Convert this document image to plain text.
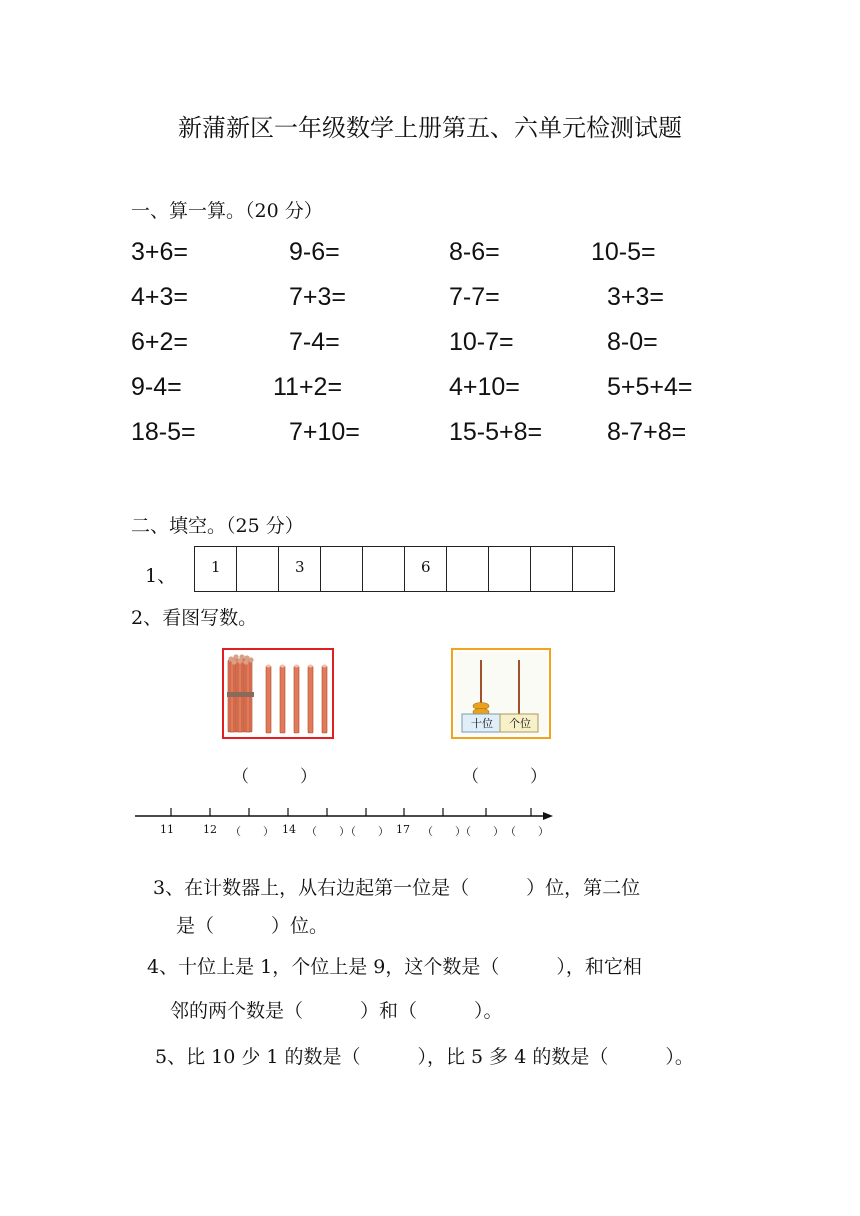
新蒲新区一年级数学上册第五、六单元检测试题
一、算一算。（20 分）
3+6=	9-6=	8-6=	10-5=
4+3=	7+3=	7-7=	3+3=
6+2=	7-4=	10-7=	8-0=
9-4=	11+2=	4+10=	5+5+4=
18-5=	7+10=	15-5+8=	8-7+8=
二、填空。（25 分）
1、	1	3	6
2、看图写数。
十位	个位
（　　　）	（　　　）
11	12 （　　） 14 （　　）
（　　） 17 （　　）
（　　） （　　）
3、在计数器上，从右边起第一位是（　　　）位，第二位
是（　　　）位。
4、十位上是 1，个位上是 9，这个数是（　　　），和它相
邻的两个数是（　　　）和（　　　）。
5、比 10 少 1 的数是（　　　），比 5 多 4 的数是（　　　）。
